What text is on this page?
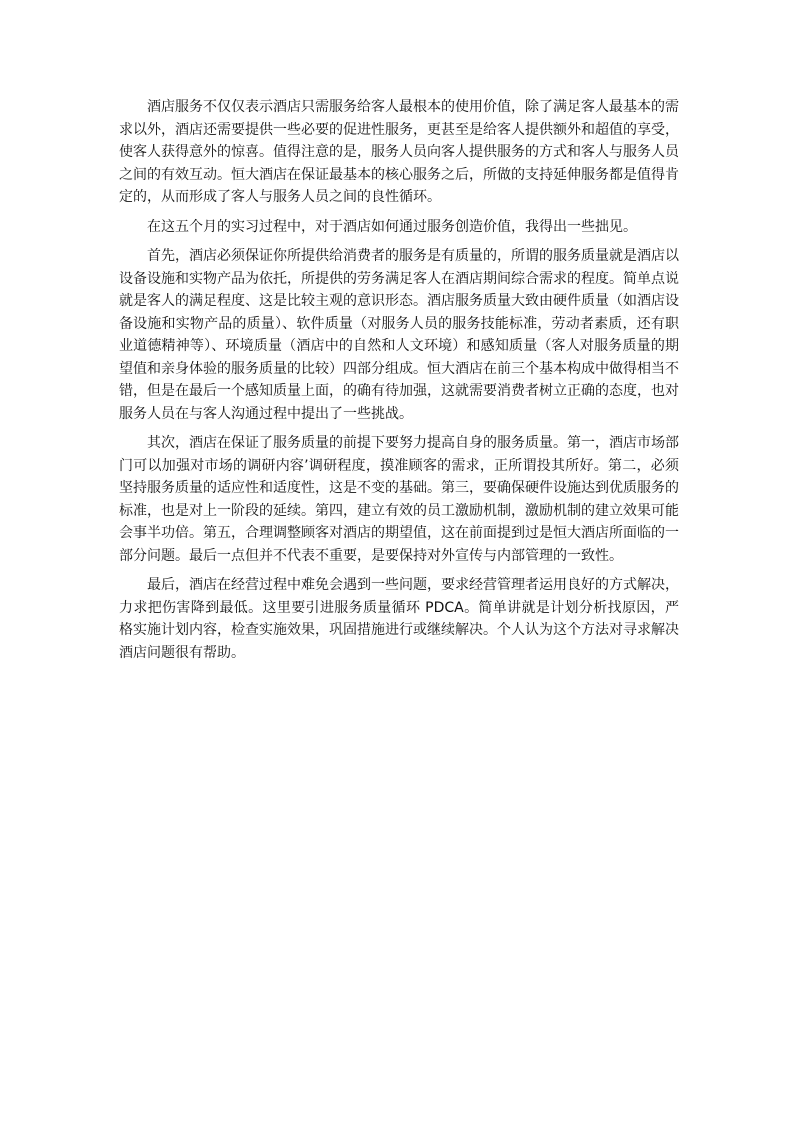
酒店服务不仅仅表示酒店只需服务给客人最根本的使用价值，除了满足客人最基本的需求以外，酒店还需要提供一些必要的促进性服务，更甚至是给客人提供额外和超值的享受，使客人获得意外的惊喜。值得注意的是，服务人员向客人提供服务的方式和客人与服务人员之间的有效互动。恒大酒店在保证最基本的核心服务之后，所做的支持延伸服务都是值得肯定的，从而形成了客人与服务人员之间的良性循环。

在这五个月的实习过程中，对于酒店如何通过服务创造价值，我得出一些拙见。

首先，酒店必须保证你所提供给消费者的服务是有质量的，所谓的服务质量就是酒店以设备设施和实物产品为依托，所提供的劳务满足客人在酒店期间综合需求的程度。简单点说就是客人的满足程度、这是比较主观的意识形态。酒店服务质量大致由硬件质量（如酒店设备设施和实物产品的质量）、软件质量（对服务人员的服务技能标准，劳动者素质，还有职业道德精神等）、环境质量（酒店中的自然和人文环境）和感知质量（客人对服务质量的期望值和亲身体验的服务质量的比较）四部分组成。恒大酒店在前三个基本构成中做得相当不错，但是在最后一个感知质量上面，的确有待加强，这就需要消费者树立正确的态度，也对服务人员在与客人沟通过程中提出了一些挑战。

其次，酒店在保证了服务质量的前提下要努力提高自身的服务质量。第一，酒店市场部门可以加强对市场的调研内容’调研程度，摸准顾客的需求，正所谓投其所好。第二，必须坚持服务质量的适应性和适度性，这是不变的基础。第三，要确保硬件设施达到优质服务的标准，也是对上一阶段的延续。第四，建立有效的员工激励机制，激励机制的建立效果可能会事半功倍。第五，合理调整顾客对酒店的期望值，这在前面提到过是恒大酒店所面临的一部分问题。最后一点但并不代表不重要，是要保持对外宣传与内部管理的一致性。

最后，酒店在经营过程中难免会遇到一些问题，要求经营管理者运用良好的方式解决，力求把伤害降到最低。这里要引进服务质量循环 PDCA。简单讲就是计划分析找原因，严格实施计划内容，检查实施效果，巩固措施进行或继续解决。个人认为这个方法对寻求解决酒店问题很有帮助。
